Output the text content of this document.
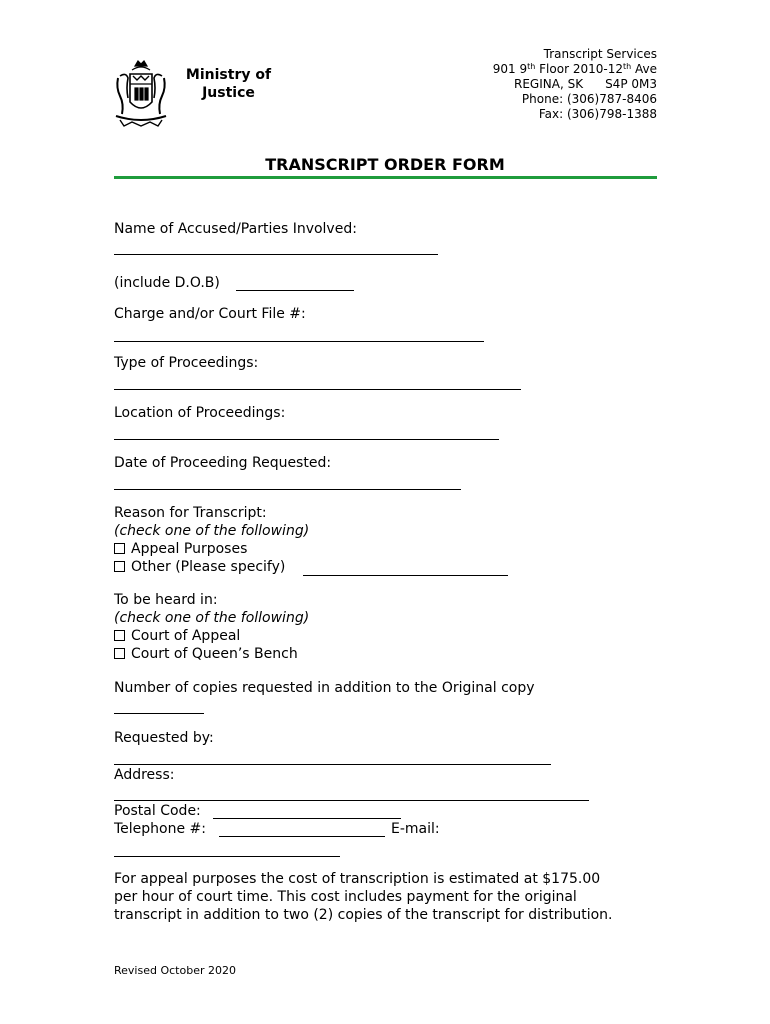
Ministry of
Justice
Transcript Services
901 9th Floor 2010-12th Ave
REGINA, SK S4P 0M3
Phone: (306)787-8406
Fax: (306)798-1388
TRANSCRIPT ORDER FORM
Name of Accused/Parties Involved:
(include D.O.B)
Charge and/or Court File #:
Type of Proceedings:
Location of Proceedings:
Date of Proceeding Requested:
Reason for Transcript:
(check one of the following)
Appeal Purposes
Other (Please specify)
To be heard in:
(check one of the following)
Court of Appeal
Court of Queen’s Bench
Number of copies requested in addition to the Original copy
Requested by:
Address:
Postal Code:
Telephone #:	E-mail:
For appeal purposes the cost of transcription is estimated at $175.00
per hour of court time. This cost includes payment for the original
transcript in addition to two (2) copies of the transcript for distribution.
Revised October 2020
